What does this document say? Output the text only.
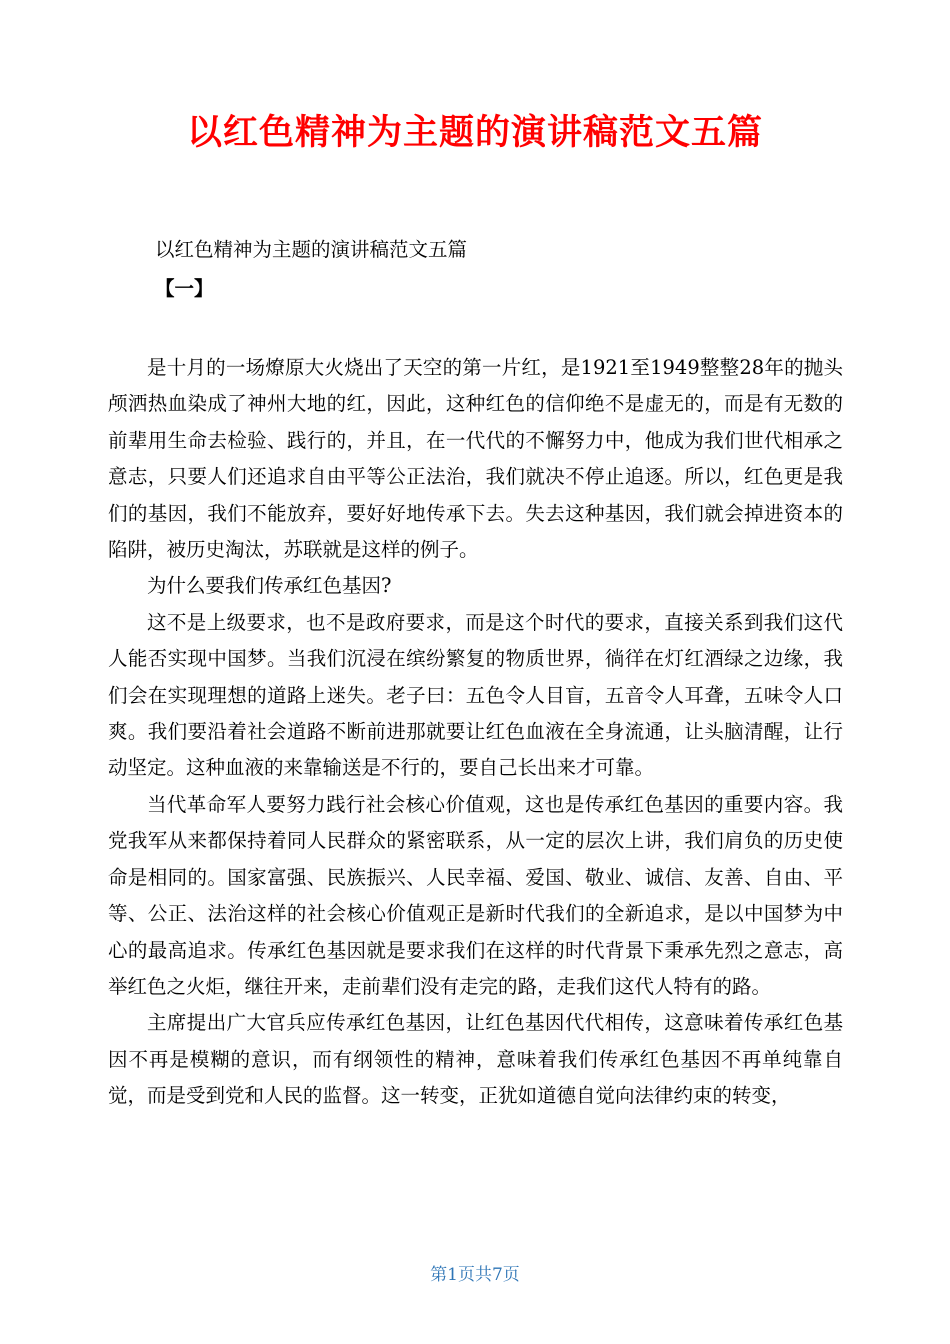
以红色精神为主题的演讲稿范文五篇
以红色精神为主题的演讲稿范文五篇
【一】

是十月的一场燎原大火烧出了天空的第一片红，是1921至1949整整28年的抛头颅洒热血染成了神州大地的红，因此，这种红色的信仰绝不是虚无的，而是有无数的前辈用生命去检验、践行的，并且，在一代代的不懈努力中，他成为我们世代相承之意志，只要人们还追求自由平等公正法治，我们就决不停止追逐。所以，红色更是我们的基因，我们不能放弃，要好好地传承下去。失去这种基因，我们就会掉进资本的陷阱，被历史淘汰，苏联就是这样的例子。

为什么要我们传承红色基因?

这不是上级要求，也不是政府要求，而是这个时代的要求，直接关系到我们这代人能否实现中国梦。当我们沉浸在缤纷繁复的物质世界，徜徉在灯红酒绿之边缘，我们会在实现理想的道路上迷失。老子曰：五色令人目盲，五音令人耳聋，五味令人口爽。我们要沿着社会道路不断前进那就要让红色血液在全身流通，让头脑清醒，让行动坚定。这种血液的来靠输送是不行的，要自己长出来才可靠。

当代革命军人要努力践行社会核心价值观，这也是传承红色基因的重要内容。我党我军从来都保持着同人民群众的紧密联系，从一定的层次上讲，我们肩负的历史使命是相同的。国家富强、民族振兴、人民幸福、爱国、敬业、诚信、友善、自由、平等、公正、法治这样的社会核心价值观正是新时代我们的全新追求，是以中国梦为中心的最高追求。传承红色基因就是要求我们在这样的时代背景下秉承先烈之意志，高举红色之火炬，继往开来，走前辈们没有走完的路，走我们这代人特有的路。

主席提出广大官兵应传承红色基因，让红色基因代代相传，这意味着传承红色基因不再是模糊的意识，而有纲领性的精神，意味着我们传承红色基因不再单纯靠自觉，而是受到党和人民的监督。这一转变，正犹如道德自觉向法律约束的转变，

第1页共7页
